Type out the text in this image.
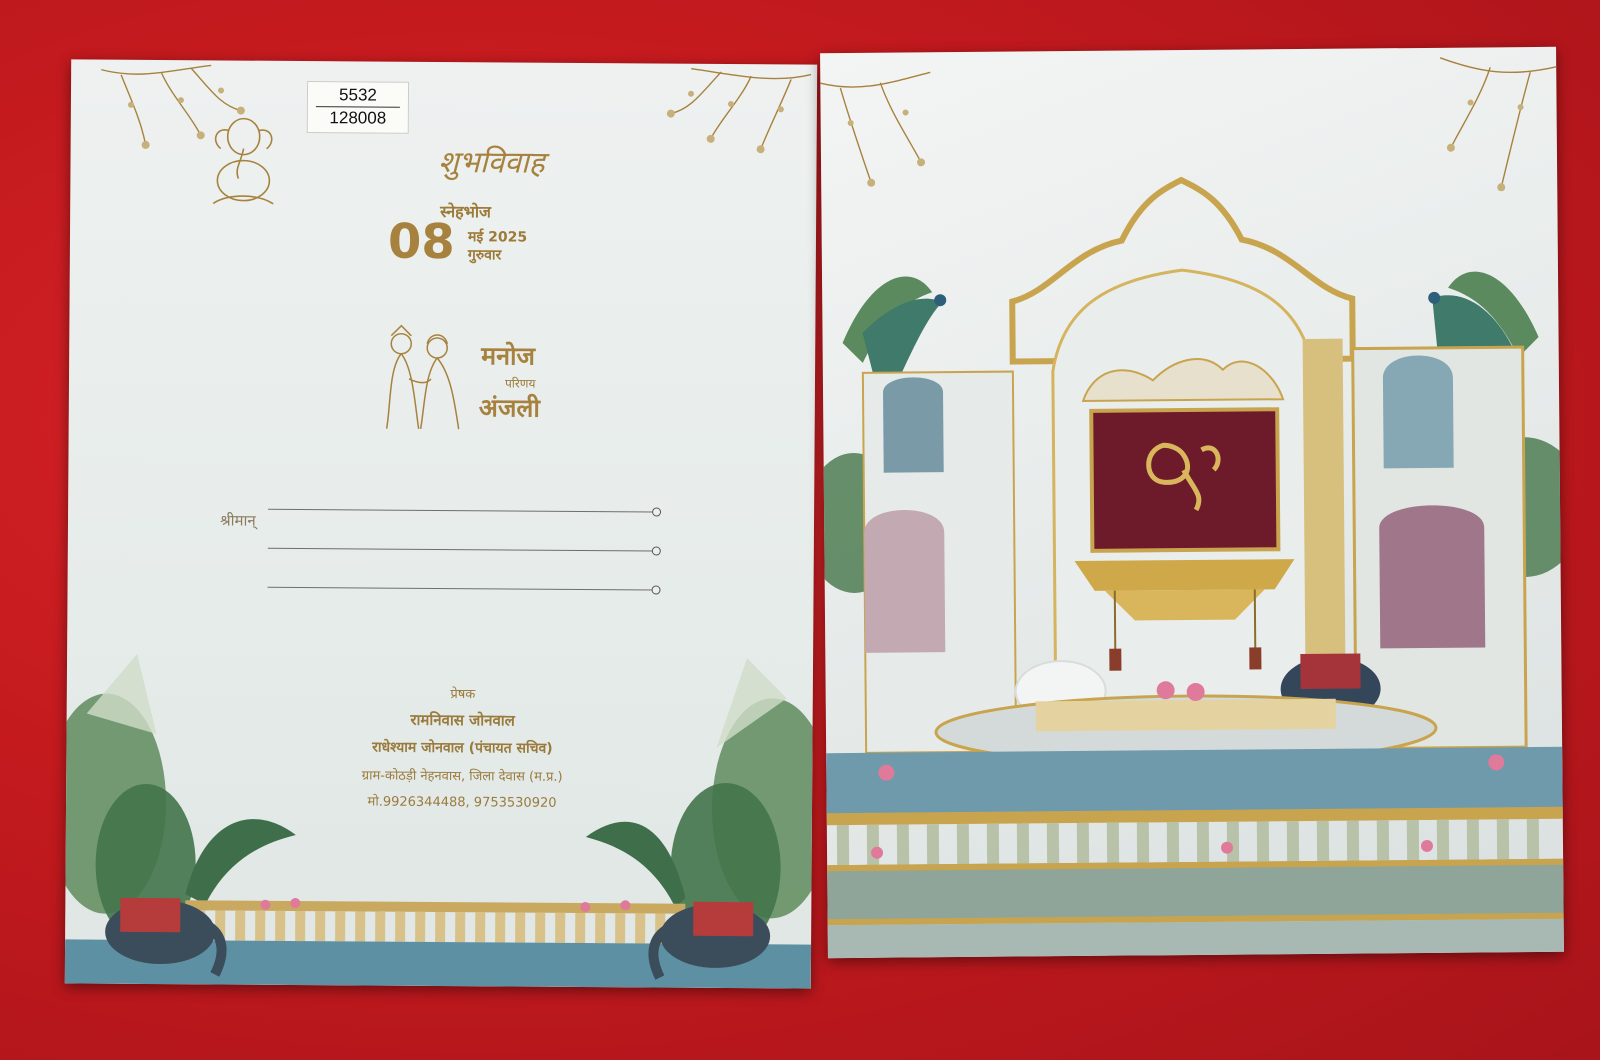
5532
128008
शुभविवाह
स्नेहभोज
08 मई 2025
गुरुवार
मनोज
परिणय
अंजली
श्रीमान्
प्रेषक
रामनिवास जोनवाल
राधेश्याम जोनवाल (पंचायत सचिव)
ग्राम-कोठड़ी नेहनवास, जिला देवास (म.प्र.)
मो.9926344488, 9753530920
